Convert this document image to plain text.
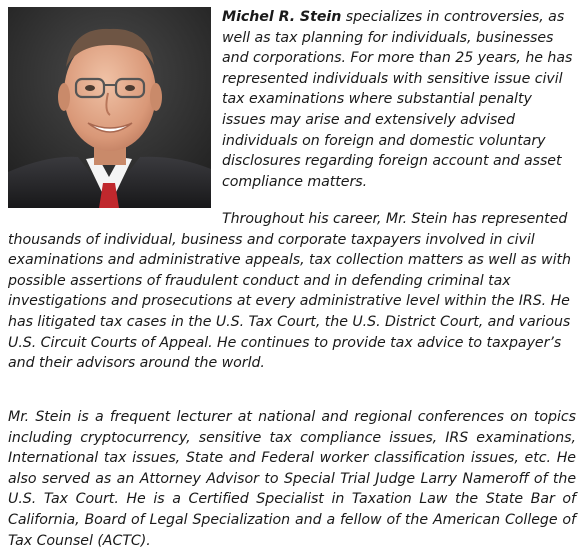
Michel R. Stein specializes in controversies, as well as tax planning for individuals, businesses and corporations. For more than 25 years, he has represented individuals with sensitive issue civil tax examinations where substantial penalty issues may arise and extensively advised individuals on foreign and domestic voluntary disclosures regarding foreign account and asset compliance matters.

Throughout his career, Mr. Stein has represented thousands of individual, business and corporate taxpayers involved in civil examinations and administrative appeals, tax collection matters as well as with possible assertions of fraudulent conduct and in defending criminal tax investigations and prosecutions at every administrative level within the IRS. He has litigated tax cases in the U.S. Tax Court, the U.S. District Court, and various U.S. Circuit Courts of Appeal. He continues to provide tax advice to taxpayer’s and their advisors around the world.

Mr. Stein is a frequent lecturer at national and regional conferences on topics including cryptocurrency, sensitive tax compliance issues, IRS examinations, International tax issues, State and Federal worker classification issues, etc. He also served as an Attorney Advisor to Special Trial Judge Larry Nameroff of the U.S. Tax Court. He is a Certified Specialist in Taxation Law the State Bar of California, Board of Legal Specialization and a fellow of the American College of Tax Counsel (ACTC).
